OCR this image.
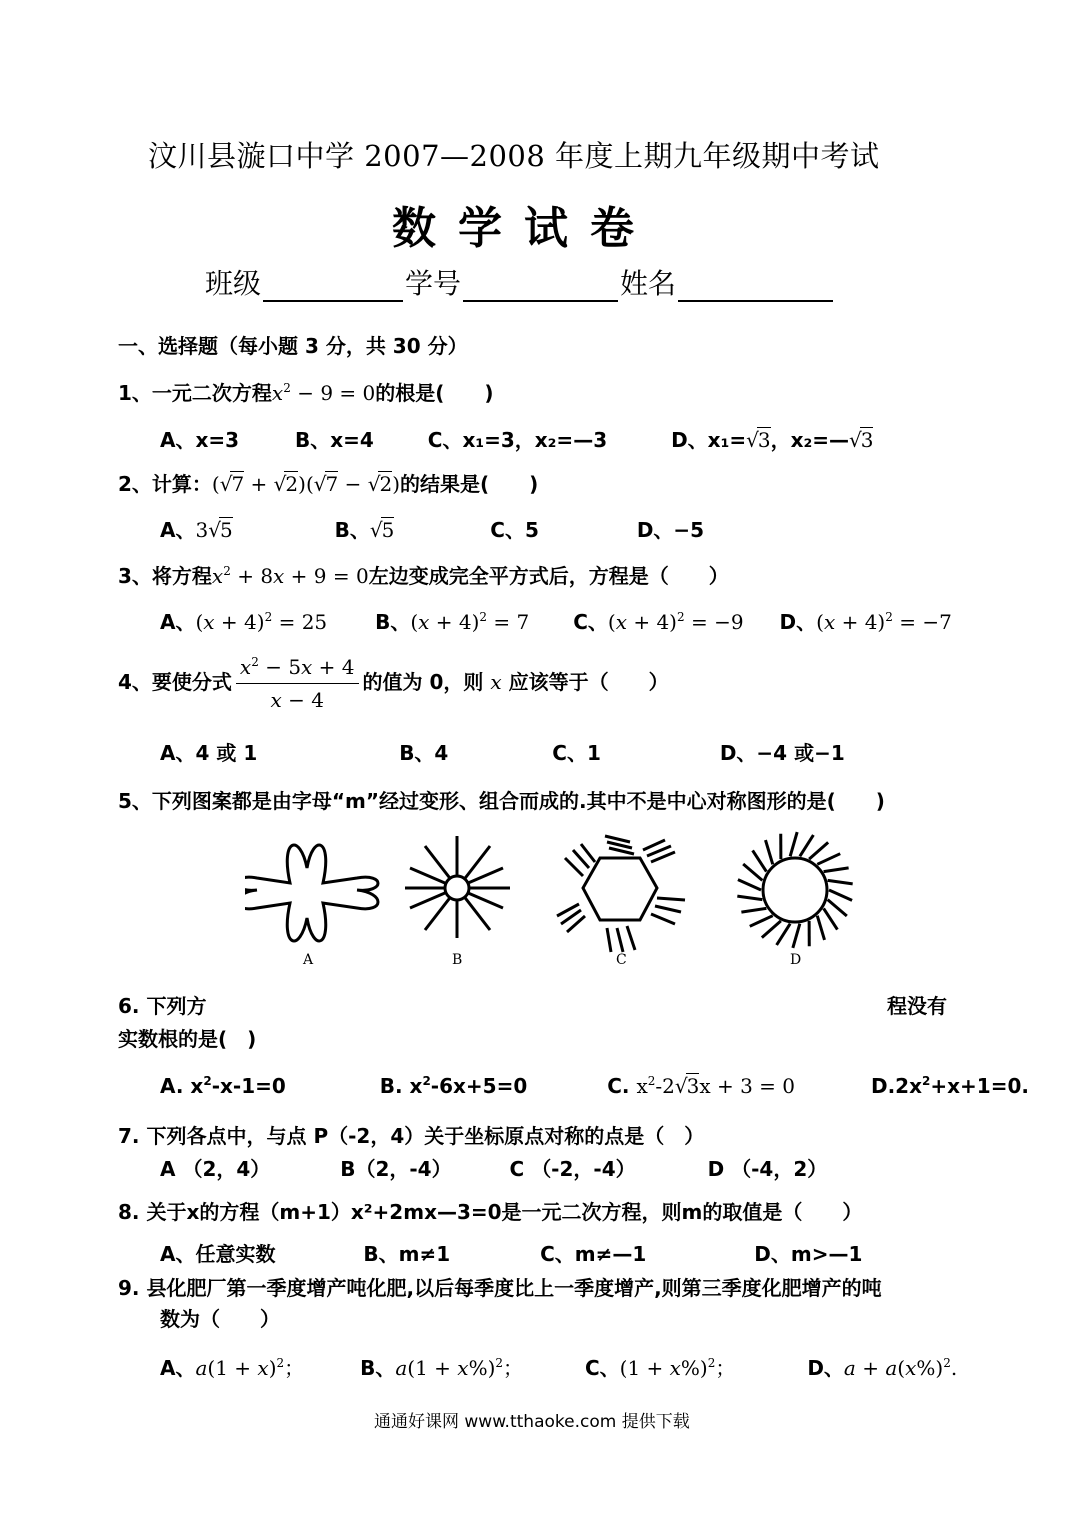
汶川县漩口中学 2007—2008 年度上期九年级期中考试
数学试卷
班级	学号	姓名
一、选择题（每小题 3 分，共 30 分）
1、一元二次方程$x^2 - 9 = 0$的根是(　　)
A、x=3	B、x=4	C、x₁=3，x₂=—3	D、x₁=√3，x₂=—√3
2、计算：(√7 + √2)(√7 − √2)的结果是(　　)
A、3√5	B、√5	C、5	D、−5
3、将方程$x^2 + 8x + 9 = 0$左边变成完全平方式后，方程是（　　）
A、$(x + 4)^2 = 25$ B、$(x + 4)^2 = 7$ C、$(x + 4)^2 = -9$ D、$(x + 4)^2 = -7$
4、要使分式 $\frac{x^2 - 5x + 4}{x - 4}$ 的值为 0，则 x 应该等于（　　）
A、4 或 1	B、4	C、1	D、−4 或−1
5、下列图案都是由字母“m”经过变形、组合而成的.其中不是中心对称图形的是(　　)
A	B	C	D
6. 下列方	程没有
实数根的是(　)
A. $x^2-x-1=0$	B. $x^2-6x+5=0$	C. $x^2-2√3x + 3 = 0$	$D.2x^2+x+1=0$.
7. 下列各点中，与点 P（-2，4）关于坐标原点对称的点是（　）
A （2，4）	B（2，-4）	C （-2，-4）	D （-4，2）
8. 关于x的方程（m+1）x²+2mx—3=0是一元二次方程，则m的取值是（　　）
A、任意实数	B、m≠1	C、m≠—1	D、m>—1
9. 县化肥厂第一季度增产吨化肥,以后每季度比上一季度增产,则第三季度化肥增产的吨
数为（　　）
A、$a(1 + x)^2$；	B、$a(1 + x\%)^2$；	C、$(1 + x\%)^2$；	D、$a + a(x\%)^2$.
通通好课网 www.tthaoke.com 提供下载
